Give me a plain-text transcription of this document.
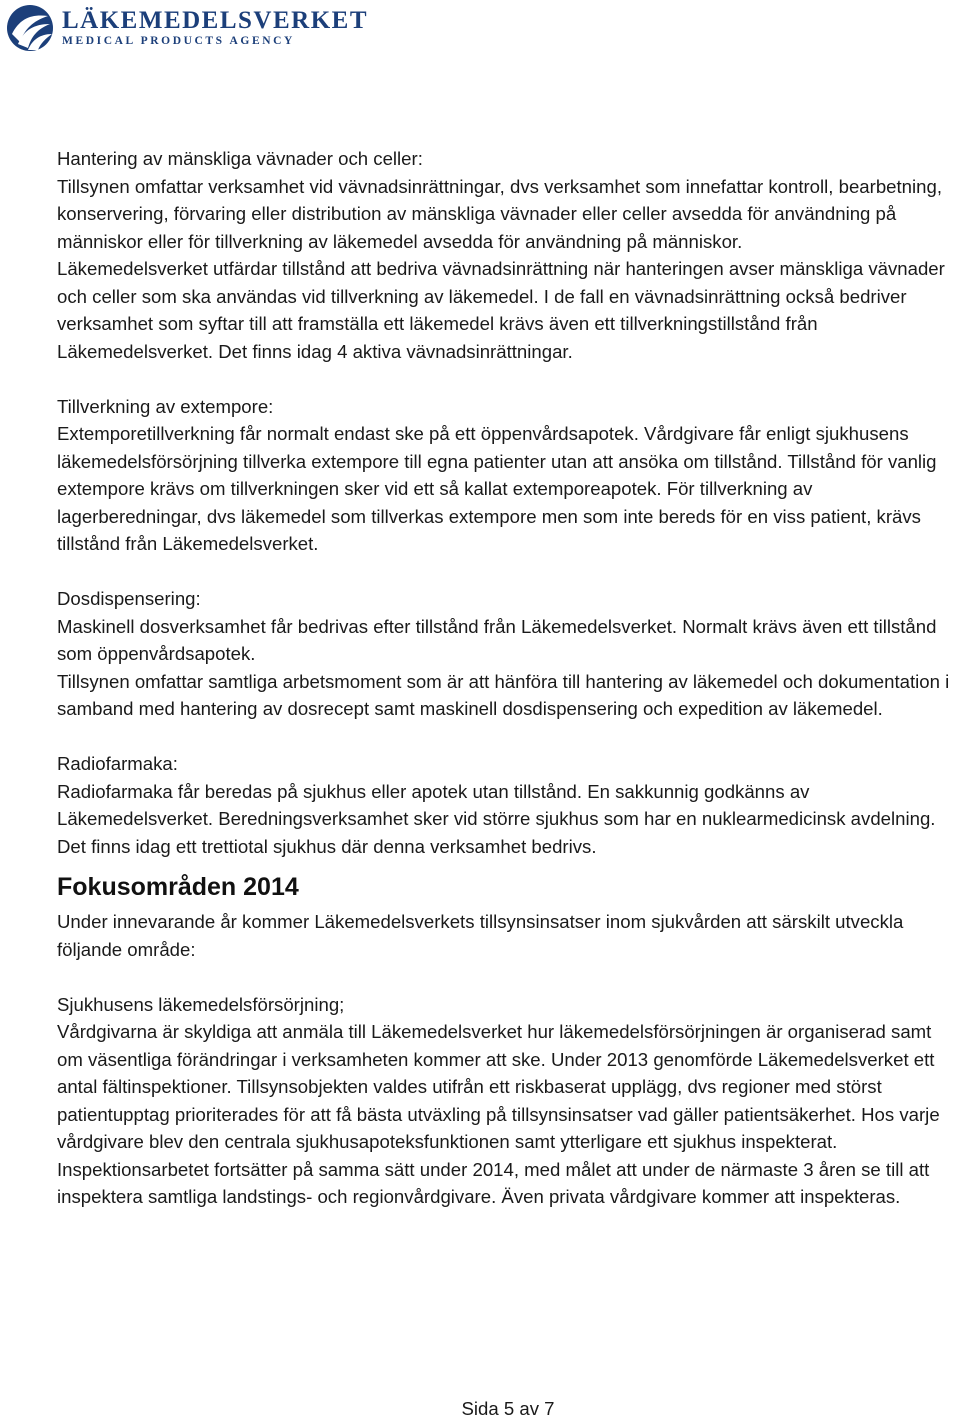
LÄKEMEDELSVERKET
MEDICAL PRODUCTS AGENCY

Hantering av mänskliga vävnader och celler:

Tillsynen omfattar verksamhet vid vävnadsinrättningar, dvs verksamhet som innefattar kontroll, bearbetning, konservering, förvaring eller distribution av mänskliga vävnader eller celler avsedda för användning på människor eller för tillverkning av läkemedel avsedda för användning på människor.

Läkemedelsverket utfärdar tillstånd att bedriva vävnadsinrättning när hanteringen avser mänskliga vävnader och celler som ska användas vid tillverkning av läkemedel. I de fall en vävnadsinrättning också bedriver verksamhet som syftar till att framställa ett läkemedel krävs även ett tillverkningstillstånd från Läkemedelsverket. Det finns idag 4 aktiva vävnadsinrättningar.

Tillverkning av extempore:

Extemporetillverkning får normalt endast ske på ett öppenvårdsapotek. Vårdgivare får enligt sjukhusens läkemedelsförsörjning tillverka extempore till egna patienter utan att ansöka om tillstånd. Tillstånd för vanlig extempore krävs om tillverkningen sker vid ett så kallat extemporeapotek. För tillverkning av lagerberedningar, dvs läkemedel som tillverkas extempore men som inte bereds för en viss patient, krävs tillstånd från Läkemedelsverket.

Dosdispensering:

Maskinell dosverksamhet får bedrivas efter tillstånd från Läkemedelsverket. Normalt krävs även ett tillstånd som öppenvårdsapotek.

Tillsynen omfattar samtliga arbetsmoment som är att hänföra till hantering av läkemedel och dokumentation i samband med hantering av dosrecept samt maskinell dosdispensering och expedition av läkemedel.

Radiofarmaka:

Radiofarmaka får beredas på sjukhus eller apotek utan tillstånd. En sakkunnig godkänns av Läkemedelsverket. Beredningsverksamhet sker vid större sjukhus som har en nuklearmedicinsk avdelning. Det finns idag ett trettiotal sjukhus där denna verksamhet bedrivs.

Fokusområden 2014

Under innevarande år kommer Läkemedelsverkets tillsynsinsatser inom sjukvården att särskilt utveckla följande område:

Sjukhusens läkemedelsförsörjning;

Vårdgivarna är skyldiga att anmäla till Läkemedelsverket hur läkemedelsförsörjningen är organiserad samt om väsentliga förändringar i verksamheten kommer att ske. Under 2013 genomförde Läkemedelsverket ett antal fältinspektioner. Tillsynsobjekten valdes utifrån ett riskbaserat upplägg, dvs regioner med störst patientupptag prioriterades för att få bästa utväxling på tillsynsinsatser vad gäller patientsäkerhet. Hos varje vårdgivare blev den centrala sjukhusapoteksfunktionen samt ytterligare ett sjukhus inspekterat. Inspektionsarbetet fortsätter på samma sätt under 2014, med målet att under de närmaste 3 åren se till att inspektera samtliga landstings- och regionvårdgivare. Även privata vårdgivare kommer att inspekteras.

Sida 5 av 7
